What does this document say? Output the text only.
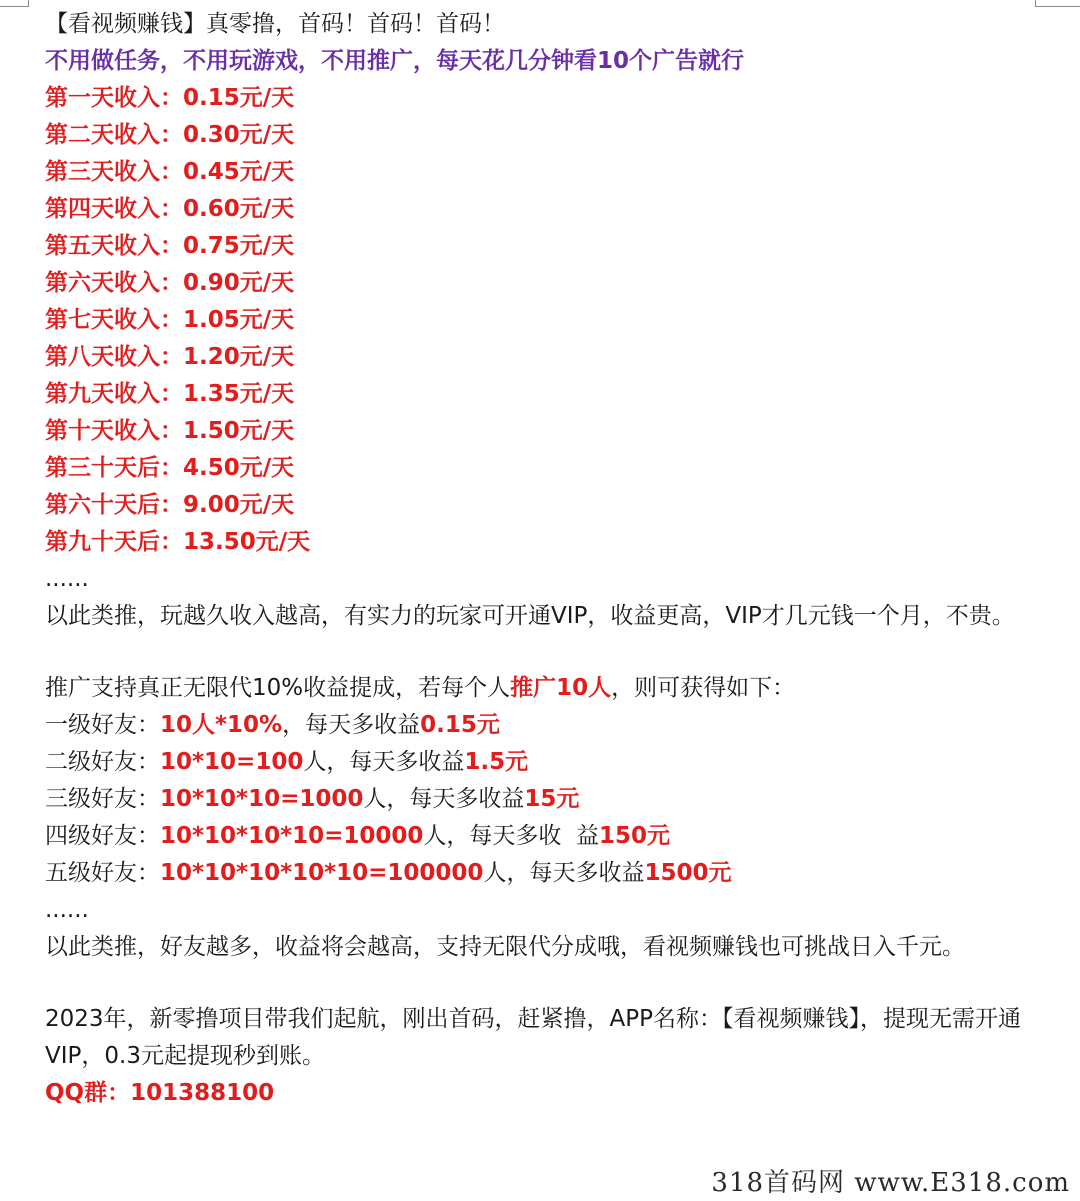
【看视频赚钱】真零撸，首码！首码！首码！
不用做任务，不用玩游戏，不用推广，每天花几分钟看10个广告就行
第一天收入：0.15元/天
第二天收入：0.30元/天
第三天收入：0.45元/天
第四天收入：0.60元/天
第五天收入：0.75元/天
第六天收入：0.90元/天
第七天收入：1.05元/天
第八天收入：1.20元/天
第九天收入：1.35元/天
第十天收入：1.50元/天
第三十天后：4.50元/天
第六十天后：9.00元/天
第九十天后：13.50元/天
......
以此类推，玩越久收入越高，有实力的玩家可开通VIP，收益更高，VIP才几元钱一个月，不贵。
推广支持真正无限代10%收益提成，若每个人推广10人，则可获得如下：
一级好友：10人*10%，每天多收益0.15元
二级好友：10*10=100人，每天多收益1.5元
三级好友：10*10*10=1000人，每天多收益15元
四级好友：10*10*10*10=10000人，每天多收  益150元
五级好友：10*10*10*10*10=100000人，每天多收益1500元
......
以此类推，好友越多，收益将会越高，支持无限代分成哦，看视频赚钱也可挑战日入千元。
2023年，新零撸项目带我们起航，刚出首码，赶紧撸，APP名称：【看视频赚钱】，提现无需开通VIP，0.3元起提现秒到账。
QQ群：101388100
318首码网 www.E318.com
